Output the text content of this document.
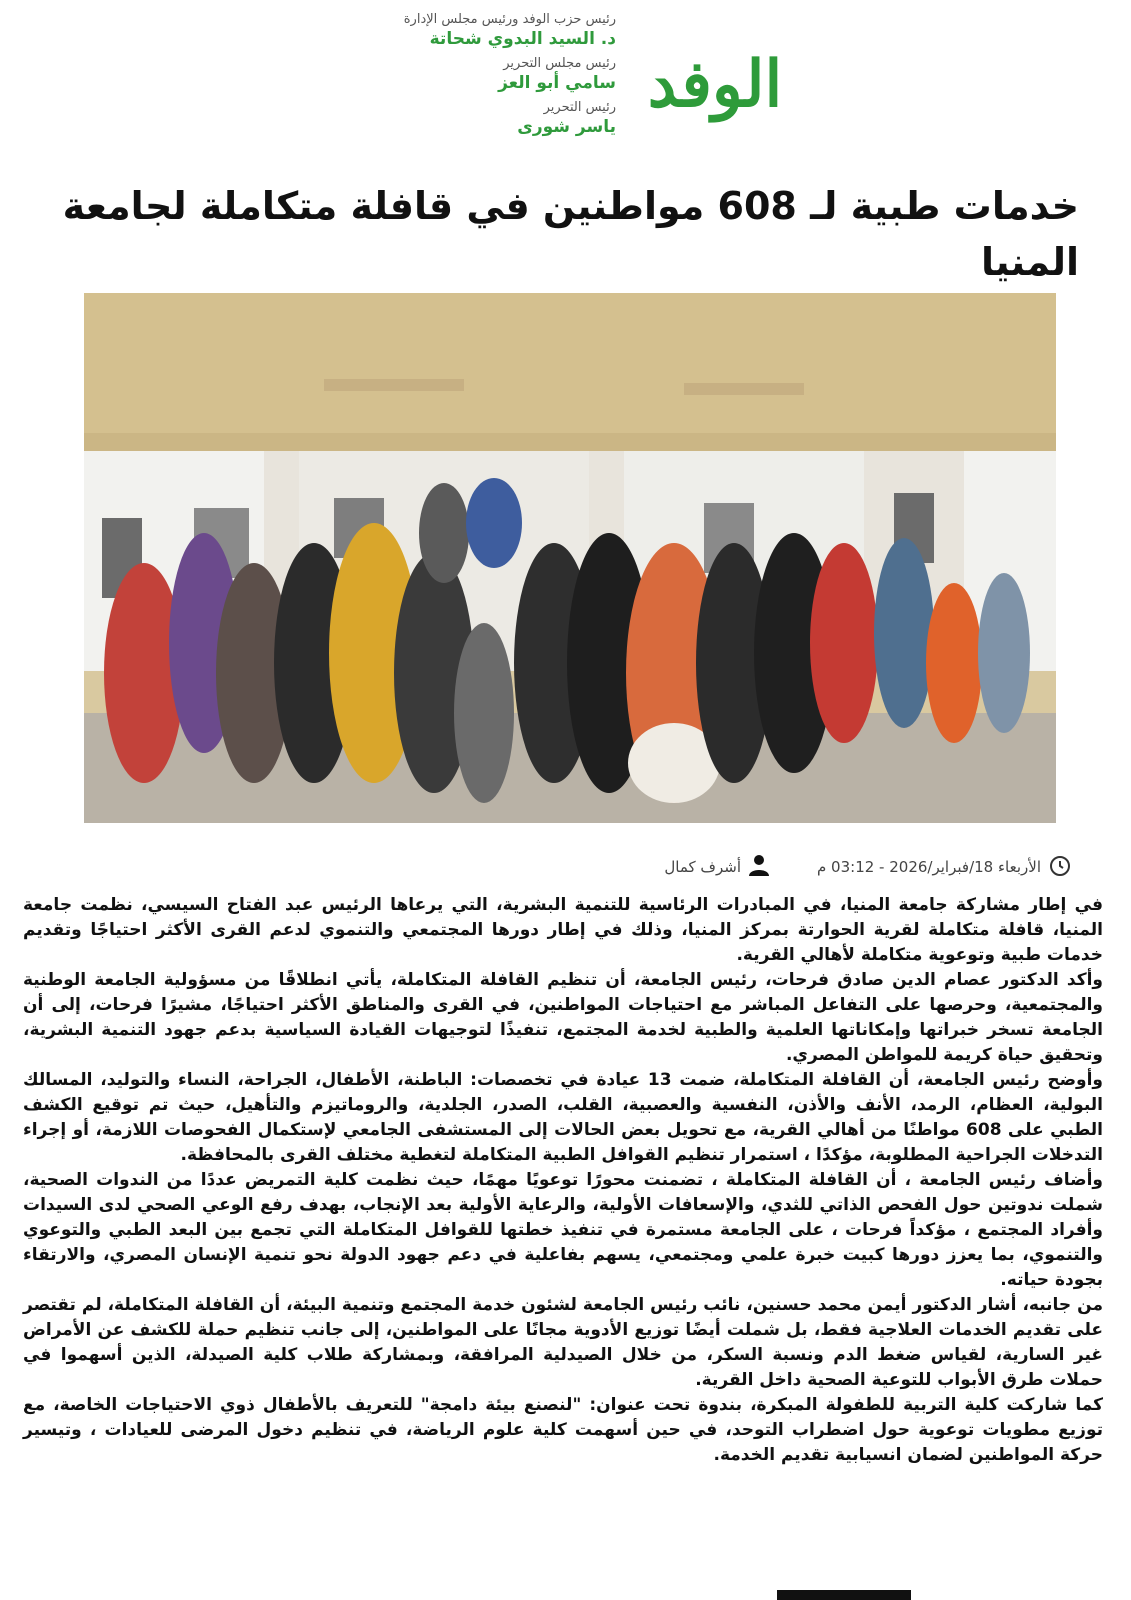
رئيس حزب الوفد ورئيس مجلس الإدارة
د. السيد البدوي شحاتة
رئيس مجلس التحرير
سامي أبو العز
رئيس التحرير
ياسر شورى
الوفد
خدمات طبية لـ 608 مواطنين في قافلة متكاملة لجامعة المنيا
الأربعاء 18/فبراير/2026 - 03:12 م
أشرف كمال

في إطار مشاركة جامعة المنيا، في المبادرات الرئاسية للتنمية البشرية، التي يرعاها الرئيس عبد الفتاح السيسي، نظمت جامعة المنيا، قافلة متكاملة لقرية الحوارتة بمركز المنيا، وذلك في إطار دورها المجتمعي والتنموي لدعم القرى الأكثر احتياجًا وتقديم خدمات طبية وتوعوية متكاملة لأهالي القرية.

وأكد الدكتور عصام الدين صادق فرحات، رئيس الجامعة، أن تنظيم القافلة المتكاملة، يأتي انطلاقًا من مسؤولية الجامعة الوطنية والمجتمعية، وحرصها على التفاعل المباشر مع احتياجات المواطنين، في القرى والمناطق الأكثر احتياجًا، مشيرًا فرحات، إلى أن الجامعة تسخر خبراتها وإمكاناتها العلمية والطبية لخدمة المجتمع، تنفيذًا لتوجيهات القيادة السياسية بدعم جهود التنمية البشرية، وتحقيق حياة كريمة للمواطن المصري.

وأوضح رئيس الجامعة، أن القافلة المتكاملة، ضمت 13 عيادة في تخصصات: الباطنة، الأطفال، الجراحة، النساء والتوليد، المسالك البولية، العظام، الرمد، الأنف والأذن، النفسية والعصبية، القلب، الصدر، الجلدية، والروماتيزم والتأهيل، حيث تم توقيع الكشف الطبي على 608 مواطنًا من أهالي القرية، مع تحويل بعض الحالات إلى المستشفى الجامعي لإستكمال الفحوصات اللازمة، أو إجراء التدخلات الجراحية المطلوبة، مؤكدًا ، استمرار تنظيم القوافل الطبية المتكاملة لتغطية مختلف القرى بالمحافظة.

وأضاف رئيس الجامعة ، أن القافلة المتكاملة ، تضمنت محورًا توعويًا مهمًا، حيث نظمت كلية التمريض عددًا من الندوات الصحية، شملت ندوتين حول الفحص الذاتي للثدي، والإسعافات الأولية، والرعاية الأولية بعد الإنجاب، بهدف رفع الوعي الصحي لدى السيدات وأفراد المجتمع ، مؤكداً فرحات ، على الجامعة مستمرة في تنفيذ خطتها للقوافل المتكاملة التي تجمع بين البعد الطبي والتوعوي والتنموي، بما يعزز دورها كبيت خبرة علمي ومجتمعي، يسهم بفاعلية في دعم جهود الدولة نحو تنمية الإنسان المصري، والارتقاء بجودة حياته.

من جانبه، أشار الدكتور أيمن محمد حسنين، نائب رئيس الجامعة لشئون خدمة المجتمع وتنمية البيئة، أن القافلة المتكاملة، لم تقتصر على تقديم الخدمات العلاجية فقط، بل شملت أيضًا توزيع الأدوية مجانًا على المواطنين، إلى جانب تنظيم حملة للكشف عن الأمراض غير السارية، لقياس ضغط الدم ونسبة السكر، من خلال الصيدلية المرافقة، وبمشاركة طلاب كلية الصيدلة، الذين أسهموا في حملات طرق الأبواب للتوعية الصحية داخل القرية.

كما شاركت كلية التربية للطفولة المبكرة، بندوة تحت عنوان: "لنصنع بيئة دامجة" للتعريف بالأطفال ذوي الاحتياجات الخاصة، مع توزيع مطويات توعوية حول اضطراب التوحد، في حين أسهمت كلية علوم الرياضة، في تنظيم دخول المرضى للعيادات ، وتيسير حركة المواطنين لضمان انسيابية تقديم الخدمة.
